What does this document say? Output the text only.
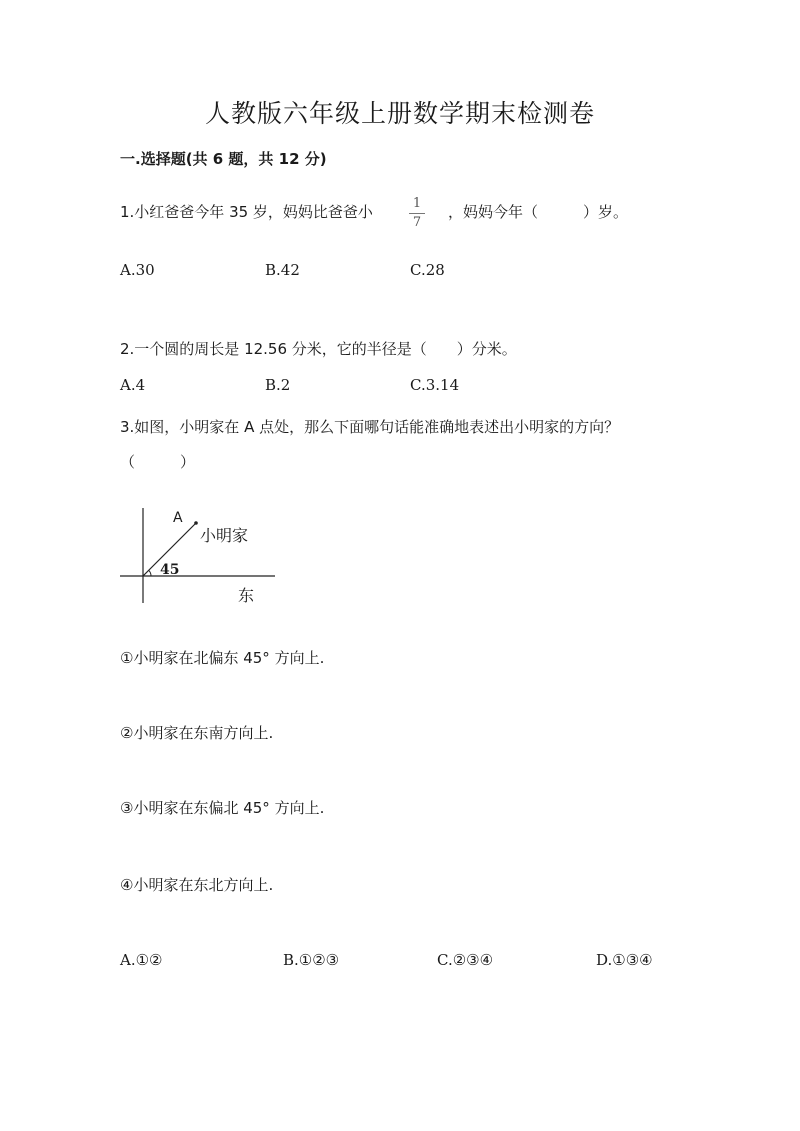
人教版六年级上册数学期末检测卷
一.选择题(共 6 题，共 12 分)
1.小红爸爸今年 35 岁，妈妈比爸爸小	1
7
，妈妈今年（　　　）岁。
A.30	B.42	C.28
2.一个圆的周长是 12.56 分米，它的半径是（　　）分米。
A.4	B.2	C.3.14
3.如图，小明家在 A 点处，那么下面哪句话能准确地表述出小明家的方向？
（　　　）
A
小明家
45
东
①小明家在北偏东 45° 方向上.
②小明家在东南方向上.
③小明家在东偏北 45° 方向上.
④小明家在东北方向上.
A.①②	B.①②③	C.②③④	D.①③④
